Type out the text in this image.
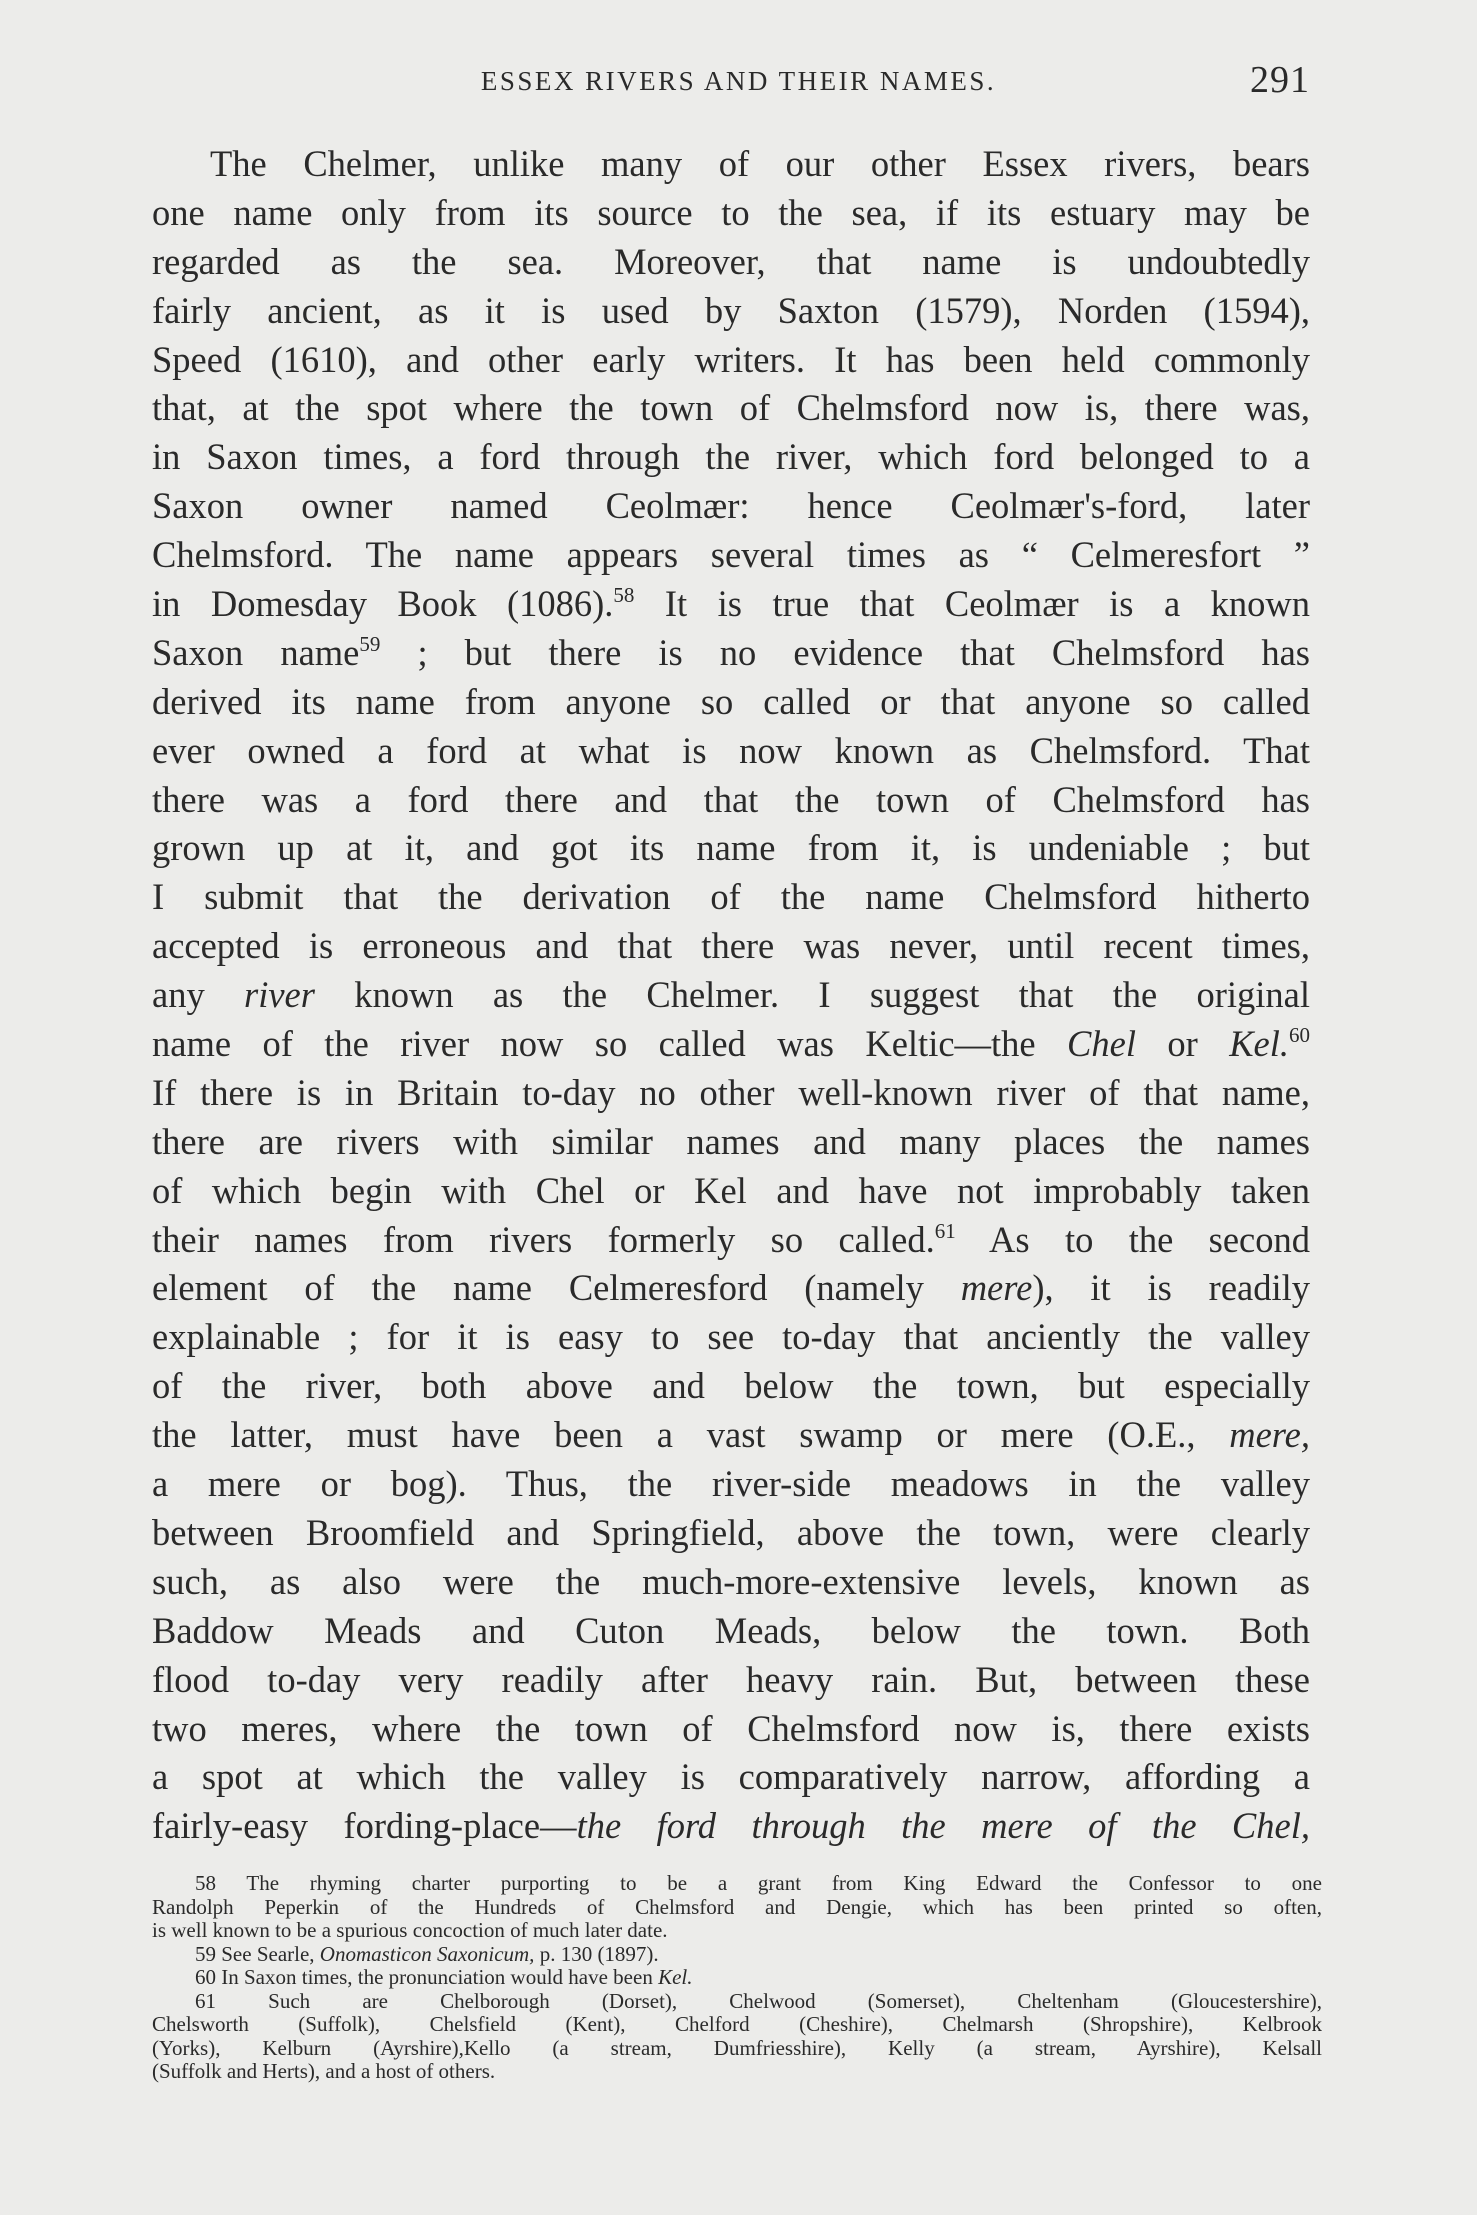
ESSEX RIVERS AND THEIR NAMES.	291
The Chelmer, unlike many of our other Essex rivers, bears
one name only from its source to the sea, if its estuary may be
regarded as the sea. Moreover, that name is undoubtedly
fairly ancient, as it is used by Saxton (1579), Norden (1594),
Speed (1610), and other early writers. It has been held commonly
that, at the spot where the town of Chelmsford now is, there was,
in Saxon times, a ford through the river, which ford belonged to a
Saxon owner named Ceolmær: hence Ceolmær's-ford, later
Chelmsford. The name appears several times as “ Celmeresfort ”
in Domesday Book (1086).$^{58}$ It is true that Ceolmær is a known
Saxon name$^{59}$ ; but there is no evidence that Chelmsford has
derived its name from anyone so called or that anyone so called
ever owned a ford at what is now known as Chelmsford. That
there was a ford there and that the town of Chelmsford has
grown up at it, and got its name from it, is undeniable ; but
I submit that the derivation of the name Chelmsford hitherto
accepted is erroneous and that there was never, until recent times,
any river known as the Chelmer. I suggest that the original
name of the river now so called was Keltic—the Chel or Kel.$^{60}$
If there is in Britain to-day no other well-known river of that name,
there are rivers with similar names and many places the names
of which begin with Chel or Kel and have not improbably taken
their names from rivers formerly so called.$^{61}$ As to the second
element of the name Celmeresford (namely mere), it is readily
explainable ; for it is easy to see to-day that anciently the valley
of the river, both above and below the town, but especially
the latter, must have been a vast swamp or mere (O.E., mere,
a mere or bog). Thus, the river-side meadows in the valley
between Broomfield and Springfield, above the town, were clearly
such, as also were the much-more-extensive levels, known as
Baddow Meads and Cuton Meads, below the town. Both
flood to-day very readily after heavy rain. But, between these
two meres, where the town of Chelmsford now is, there exists
a spot at which the valley is comparatively narrow, affording a
fairly-easy fording-place—the ford through the mere of the Chel,
58 The rhyming charter purporting to be a grant from King Edward the Confessor to one
Randolph Peperkin of the Hundreds of Chelmsford and Dengie, which has been printed so often,
is well known to be a spurious concoction of much later date.
59 See Searle, Onomasticon Saxonicum, p. 130 (1897).
60 In Saxon times, the pronunciation would have been Kel.
61 Such are Chelborough (Dorset), Chelwood (Somerset), Cheltenham (Gloucestershire),
Chelsworth (Suffolk), Chelsfield (Kent), Chelford (Cheshire), Chelmarsh (Shropshire), Kelbrook
(Yorks), Kelburn (Ayrshire),Kello (a stream, Dumfriesshire), Kelly (a stream, Ayrshire), Kelsall
(Suffolk and Herts), and a host of others.
